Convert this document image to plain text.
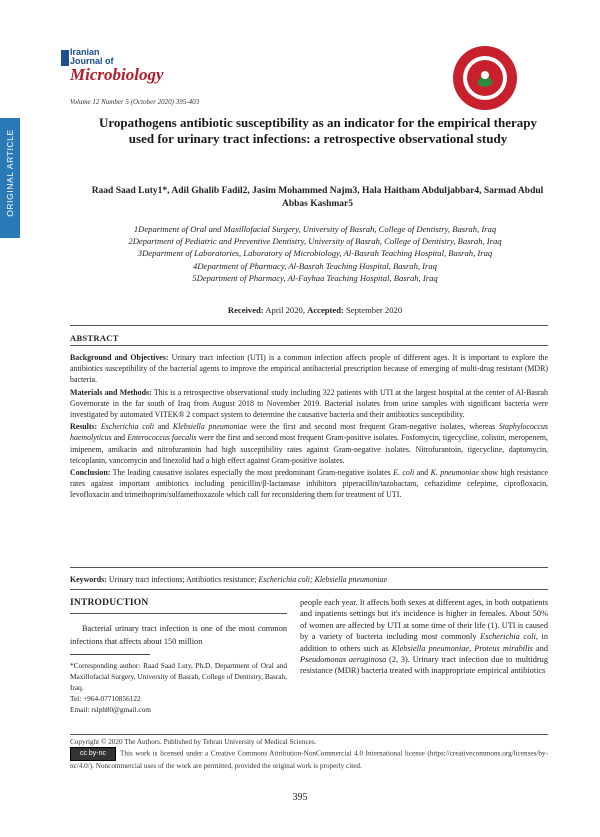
ORIGINAL ARTICLE
Iranian
Journal of
Microbiology
Volume 12 Number 5 (October 2020) 395-403
Uropathogens antibiotic susceptibility as an indicator for the empirical therapy used for urinary tract infections: a retrospective observational study
Raad Saad Luty1*, Adil Ghalib Fadil2, Jasim Mohammed Najm3, Hala Haitham Abduljabbar4, Sarmad Abdul Abbas Kashmar5
1Department of Oral and Maxillofacial Surgery, University of Basrah, College of Dentistry, Basrah, Iraq
2Department of Pediatric and Preventive Dentistry, University of Basrah, College of Dentistry, Basrah, Iraq
3Department of Laboratories, Laboratory of Microbiology, Al-Basrah Teaching Hospital, Basrah, Iraq
4Department of Pharmacy, Al-Basrah Teaching Hospital, Basrah, Iraq
5Department of Pharmacy, Al-Fayhaa Teaching Hospital, Basrah, Iraq
Received: April 2020, Accepted: September 2020
ABSTRACT

Background and Objectives: Urinary tract infection (UTI) is a common infection affects people of different ages. It is important to explore the antibiotics susceptibility of the bacterial agents to improve the empirical antibacterial prescription because of emerging of multi-drug resistant (MDR) bacteria.

Materials and Methods: This is a retrospective observational study including 322 patients with UTI at the largest hospital at the center of Al-Basrah Governorate in the far south of Iraq from August 2018 to November 2019. Bacterial isolates from urine samples with significant bacteria were investigated by automated VITEK® 2 compact system to determine the causative bacteria and their antibiotics susceptibility.

Results: Escherichia coli and Klebsiella pneumoniae were the first and second most frequent Gram-negative isolates, whereas Staphylococcus haemolyticus and Enterococcus faecalis were the first and second most frequent Gram-positive isolates. Fosfomycin, tigecycline, colistin, meropenem, imipenem, amikacin and nitrofurantoin had high susceptibility rates against Gram-negative isolates. Nitrofurantoin, tigecycline, daptomycin, teicoplanin, vancomycin and linezolid had a high effect against Gram-positive isolates.

Conclusion: The leading causative isolates especially the most predominant Gram-negative isolates E. coli and K. pneumoniae show high resistance rates against important antibiotics including penicillin/β-lactamase inhibitors piperacillin/tazobactam, ceftazidime cefepime, ciprofloxacin, levofloxacin and trimethoprim/sulfamethoxazole which call for reconsidering them for treatment of UTI.

Keywords: Urinary tract infections; Antibiotics resistance; Escherichia coli; Klebsiella pneumoniae
INTRODUCTION
Bacterial urinary tract infection is one of the most common infections that affects about 150 million
*Corresponding author: Raad Saad Luty, Ph.D, Department of Oral and Maxillofacial Surgery, University of Basrah, College of Dentistry, Basrah, Iraq.
Tel: +964-07710856122
Email: rslph80@gmail.com
people each year. It affects both sexes at different ages, in both outpatients and inpatients settings but it's incidence is higher in females. About 50% of women are affected by UTI at some time of their life (1). UTI is caused by a variety of bacteria including most commonly Escherichia coli, in addition to others such as Klebsiella pneumoniae, Proteus mirabilis and Pseudomonas aeruginosa (2, 3). Urinary tract infection due to multidrug resistance (MDR) bacteria treated with inappropriate empirical antibiotics
Copyright © 2020 The Authors. Published by Tehran University of Medical Sciences.
cc by-nc This work is licensed under a Creative Commons Attribution-NonCommercial 4.0 International license (https://creativecommons.org/licenses/by-nc/4.0/). Noncommercial uses of the work are permitted, provided the original work is properly cited.
395
